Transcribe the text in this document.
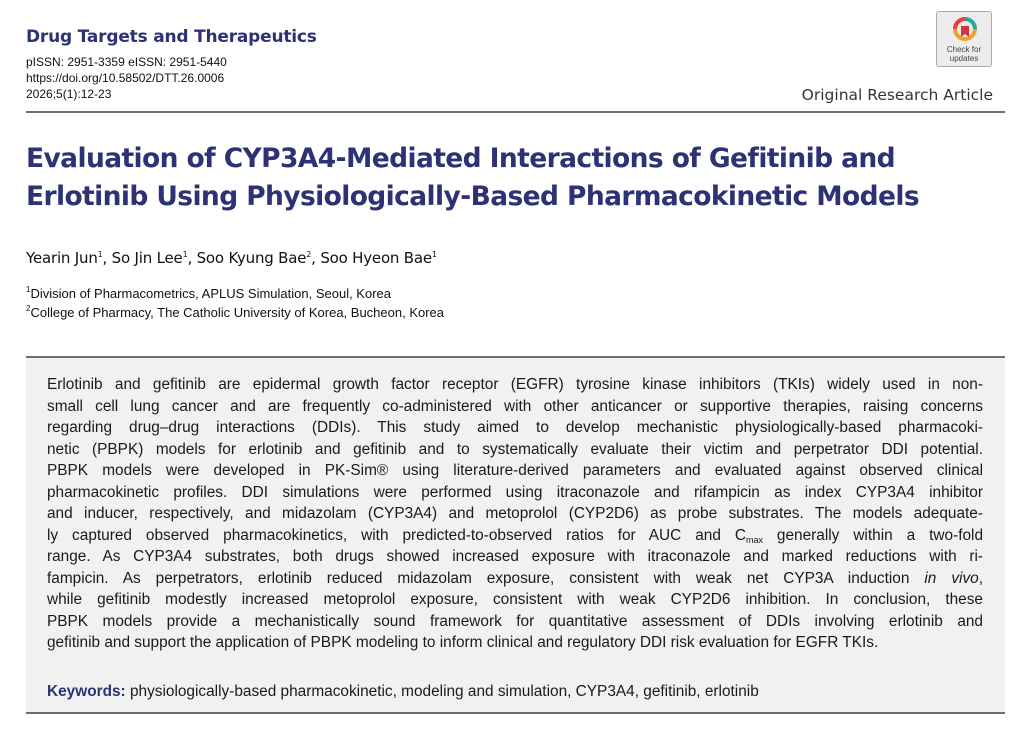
Drug Targets and Therapeutics
pISSN: 2951-3359 eISSN: 2951-5440
https://doi.org/10.58502/DTT.26.0006
2026;5(1):12-23
Check for
updates
Original Research Article
Evaluation of CYP3A4-Mediated Interactions of Gefitinib and
Erlotinib Using Physiologically-Based Pharmacokinetic Models
Yearin Jun$^1$, So Jin Lee$^1$, Soo Kyung Bae$^2$, Soo Hyeon Bae$^1$
$^1$Division of Pharmacometrics, APLUS Simulation, Seoul, Korea
$^2$College of Pharmacy, The Catholic University of Korea, Bucheon, Korea

Erlotinib and gefitinib are epidermal growth factor receptor (EGFR) tyrosine kinase inhibitors (TKIs) widely used in non-
small cell lung cancer and are frequently co-administered with other anticancer or supportive therapies, raising concerns
regarding drug–drug interactions (DDIs). This study aimed to develop mechanistic physiologically-based pharmacoki-
netic (PBPK) models for erlotinib and gefitinib and to systematically evaluate their victim and perpetrator DDI potential.
PBPK models were developed in PK-Sim® using literature-derived parameters and evaluated against observed clinical
pharmacokinetic profiles. DDI simulations were performed using itraconazole and rifampicin as index CYP3A4 inhibitor
and inducer, respectively, and midazolam (CYP3A4) and metoprolol (CYP2D6) as probe substrates. The models adequate-
ly captured observed pharmacokinetics, with predicted-to-observed ratios for AUC and $C_{max}$ generally within a two-fold
range. As CYP3A4 substrates, both drugs showed increased exposure with itraconazole and marked reductions with ri-
fampicin. As perpetrators, erlotinib reduced midazolam exposure, consistent with weak net CYP3A induction in vivo,
while gefitinib modestly increased metoprolol exposure, consistent with weak CYP2D6 inhibition. In conclusion, these
PBPK models provide a mechanistically sound framework for quantitative assessment of DDIs involving erlotinib and
gefitinib and support the application of PBPK modeling to inform clinical and regulatory DDI risk evaluation for EGFR TKIs.

Keywords: physiologically-based pharmacokinetic, modeling and simulation, CYP3A4, gefitinib, erlotinib
